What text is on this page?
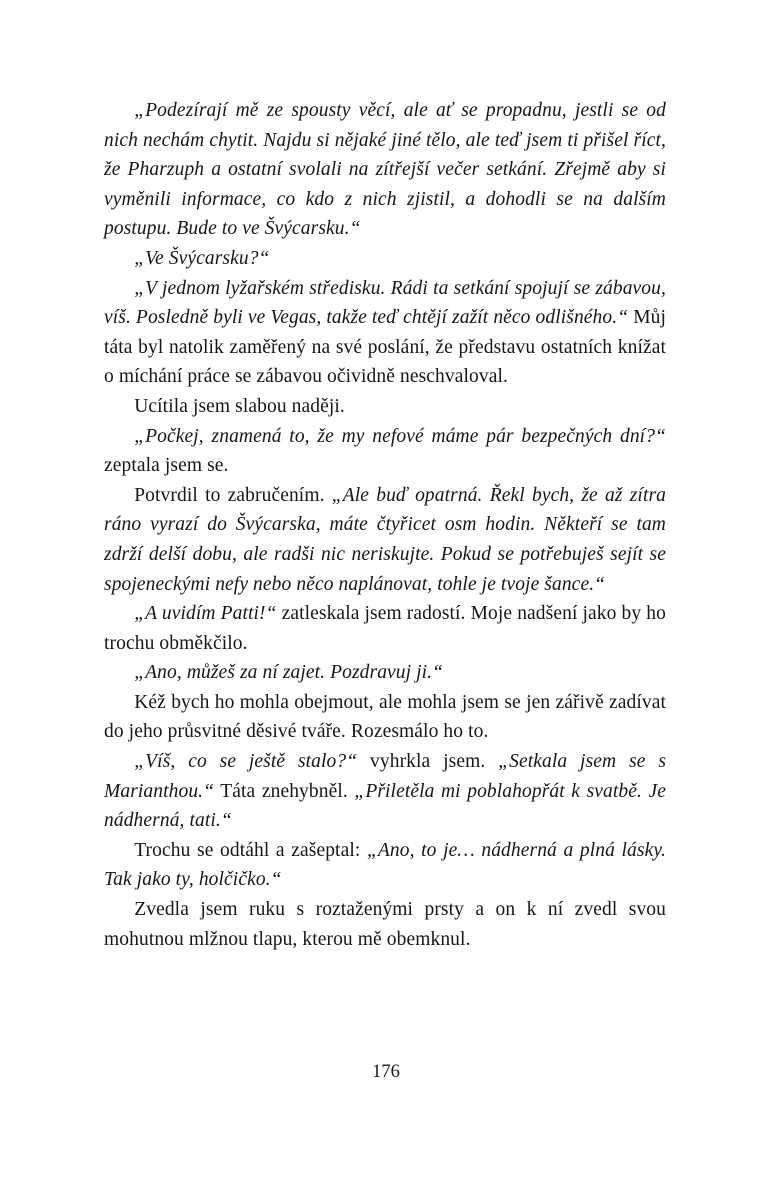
„Podezírají mě ze spousty věcí, ale ať se propadnu, jestli se od nich nechám chytit. Najdu si nějaké jiné tělo, ale teď jsem ti přišel říct, že Pharzuph a ostatní svolali na zítřejší večer setkání. Zřejmě aby si vyměnili informace, co kdo z nich zjistil, a dohodli se na dalším postupu. Bude to ve Švýcarsku.“

„Ve Švýcarsku?“

„V jednom lyžařském středisku. Rádi ta setkání spojují se zábavou, víš. Posledně byli ve Vegas, takže teď chtějí zažít něco odlišného.“ Můj táta byl natolik zaměřený na své poslání, že představu ostatních knížat o míchání práce se zábavou očividně neschvaloval.

Ucítila jsem slabou naději.

„Počkej, znamená to, že my nefové máme pár bezpečných dní?“ zeptala jsem se.

Potvrdil to zabručením. „Ale buď opatrná. Řekl bych, že až zítra ráno vyrazí do Švýcarska, máte čtyřicet osm hodin. Někteří se tam zdrží delší dobu, ale radši nic neriskujte. Pokud se potřebuješ sejít se spojeneckými nefy nebo něco naplánovat, tohle je tvoje šance.“

„A uvidím Patti!“ zatleskala jsem radostí. Moje nadšení jako by ho trochu obměkčilo.

„Ano, můžeš za ní zajet. Pozdravuj ji.“

Kéž bych ho mohla obejmout, ale mohla jsem se jen zářivě zadívat do jeho průsvitné děsivé tváře. Rozesmálo ho to.

„Víš, co se ještě stalo?“ vyhrkla jsem. „Setkala jsem se s Marianthou.“ Táta znehybněl. „Přiletěla mi poblahopřát k svatbě. Je nádherná, tati.“

Trochu se odtáhl a zašeptal: „Ano, to je… nádherná a plná lásky. Tak jako ty, holčičko.“

Zvedla jsem ruku s roztaženými prsty a on k ní zvedl svou mohutnou mlžnou tlapu, kterou mě obemknul.

176
